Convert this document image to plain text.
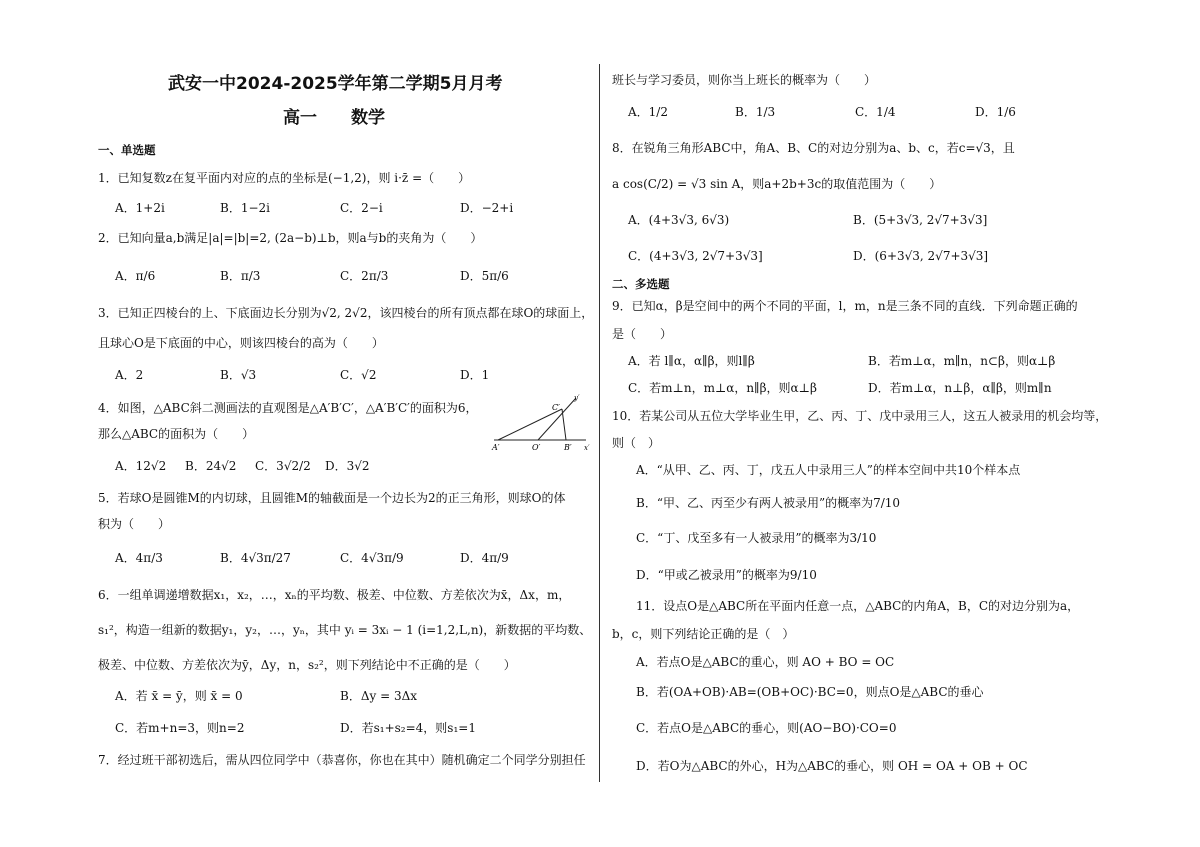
武安一中2024-2025学年第二学期5月月考
高一　　数学
一、单选题
1．已知复数z在复平面内对应的点的坐标是(−1,2)，则 i·z̄ =（　　）
A．1+2i	B．1−2i	C．2−i	D．−2+i
2．已知向量a,b满足|a|=|b|=2, (2a−b)⊥b，则a与b的夹角为（　　）
A．π/6	B．π/3	C．2π/3	D．5π/6
3．已知正四棱台的上、下底面边长分别为√2, 2√2，该四棱台的所有顶点都在球O的球面上，
且球心O是下底面的中心，则该四棱台的高为（　　）
A．2	B．√3	C．√2	D．1
4．如图，△ABC斜二测画法的直观图是△A′B′C′，△A′B′C′的面积为6，
那么△ABC的面积为（　　）
A．12√2 B．24√2 C．3√2/2 D．3√2
A′	O′	B′
C′
x′
y′
5．若球O是圆锥M的内切球，且圆锥M的轴截面是一个边长为2的正三角形，则球O的体
积为（　　）
A．4π/3	B．4√3π/27	C．4√3π/9	D．4π/9
6．一组单调递增数据x₁，x₂，…，xₙ的平均数、极差、中位数、方差依次为x̄，Δx，m，
s₁²，构造一组新的数据y₁，y₂，…，yₙ，其中 yᵢ = 3xᵢ − 1 (i=1,2,L,n)，新数据的平均数、
极差、中位数、方差依次为ȳ，Δy，n，s₂²，则下列结论中不正确的是（　　）
A．若 x̄ = ȳ，则 x̄ = 0	B．Δy = 3Δx
C．若m+n=3，则n=2	D．若s₁+s₂=4，则s₁=1
7．经过班干部初选后，需从四位同学中（恭喜你，你也在其中）随机确定二个同学分别担任
班长与学习委员，则你当上班长的概率为（　　）
A．1/2	B．1/3	C．1/4	D．1/6
8．在锐角三角形ABC中，角A、B、C的对边分别为a、b、c，若c=√3，且
a cos(C/2) = √3 sin A，则a+2b+3c的取值范围为（　　）
A．(4+3√3, 6√3)	B．(5+3√3, 2√7+3√3]
C．(4+3√3, 2√7+3√3]	D．(6+3√3, 2√7+3√3]
二、多选题
9．已知α，β是空间中的两个不同的平面，l，m，n是三条不同的直线．下列命题正确的
是（　　）
A．若 l∥α，α∥β，则l∥β	B．若m⊥α，m∥n，n⊂β，则α⊥β
C．若m⊥n，m⊥α，n∥β，则α⊥β	D．若m⊥α，n⊥β，α∥β，则m∥n
10．若某公司从五位大学毕业生甲，乙、丙、丁、戊中录用三人，这五人被录用的机会均等，
则（　）
A．“从甲、乙、丙、丁，戊五人中录用三人”的样本空间中共10个样本点
B．“甲、乙、丙至少有两人被录用”的概率为7/10
C．“丁、戊至多有一人被录用”的概率为3/10
D．“甲或乙被录用”的概率为9/10
11．设点O是△ABC所在平面内任意一点，△ABC的内角A，B，C的对边分别为a，
b，c，则下列结论正确的是（　）
A．若点O是△ABC的重心，则 AO + BO = OC
B．若(OA+OB)·AB=(OB+OC)·BC=0，则点O是△ABC的垂心
C．若点O是△ABC的垂心，则(AO−BO)·CO=0
D．若O为△ABC的外心，H为△ABC的垂心，则 OH = OA + OB + OC
